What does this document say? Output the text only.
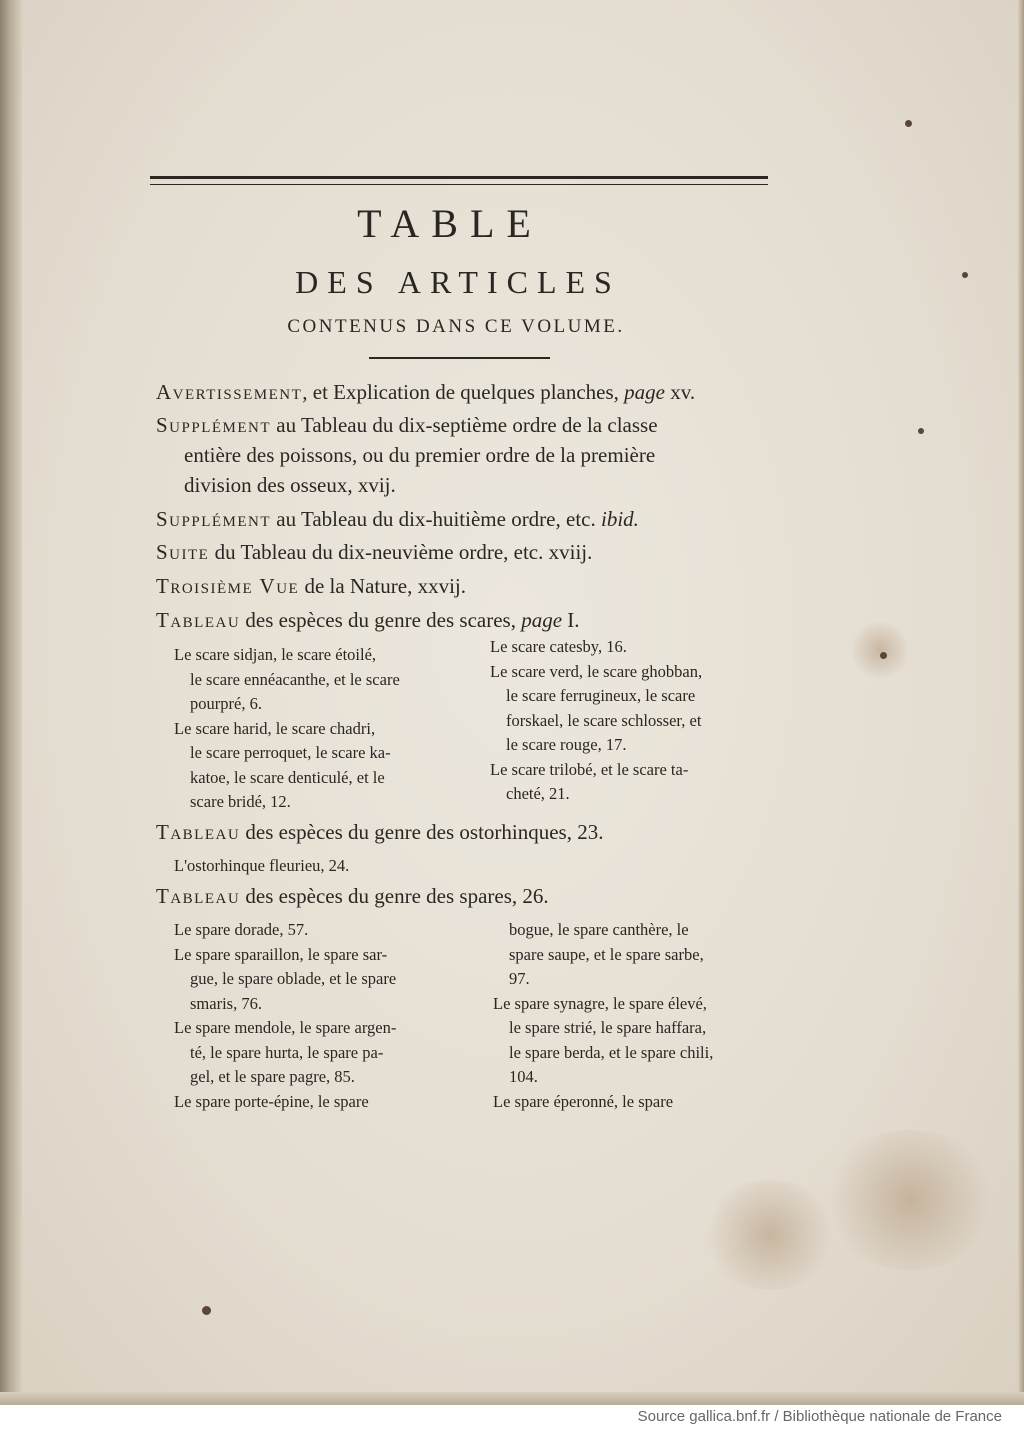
TABLE
DES ARTICLES
CONTENUS DANS CE VOLUME.
Avertissement, et Explication de quelques planches, page xv.
Supplément au Tableau du dix-septième ordre de la classe
entière des poissons, ou du premier ordre de la première
division des osseux, xvij.
Supplément au Tableau du dix-huitième ordre, etc. ibid.
Suite du Tableau du dix-neuvième ordre, etc. xviij.
Troisième Vue de la Nature, xxvij.
Tableau des espèces du genre des scares, page I.
Le scare sidjan, le scare étoilé,
le scare ennéacanthe, et le scare
pourpré, 6.
Le scare harid, le scare chadri,
le scare perroquet, le scare ka-
katoe, le scare denticulé, et le
scare bridé, 12.
Le scare catesby, 16.
Le scare verd, le scare ghobban,
le scare ferrugineux, le scare
forskael, le scare schlosser, et
le scare rouge, 17.
Le scare trilobé, et le scare ta-
cheté, 21.
Tableau des espèces du genre des ostorhinques, 23.
L'ostorhinque fleurieu, 24.
Tableau des espèces du genre des spares, 26.
Le spare dorade, 57.
Le spare sparaillon, le spare sar-
gue, le spare oblade, et le spare
smaris, 76.
Le spare mendole, le spare argen-
té, le spare hurta, le spare pa-
gel, et le spare pagre, 85.
Le spare porte-épine, le spare
bogue, le spare canthère, le
spare saupe, et le spare sarbe,
97.
Le spare synagre, le spare élevé,
le spare strié, le spare haffara,
le spare berda, et le spare chili,
104.
Le spare éperonné, le spare
Source gallica.bnf.fr / Bibliothèque nationale de France
